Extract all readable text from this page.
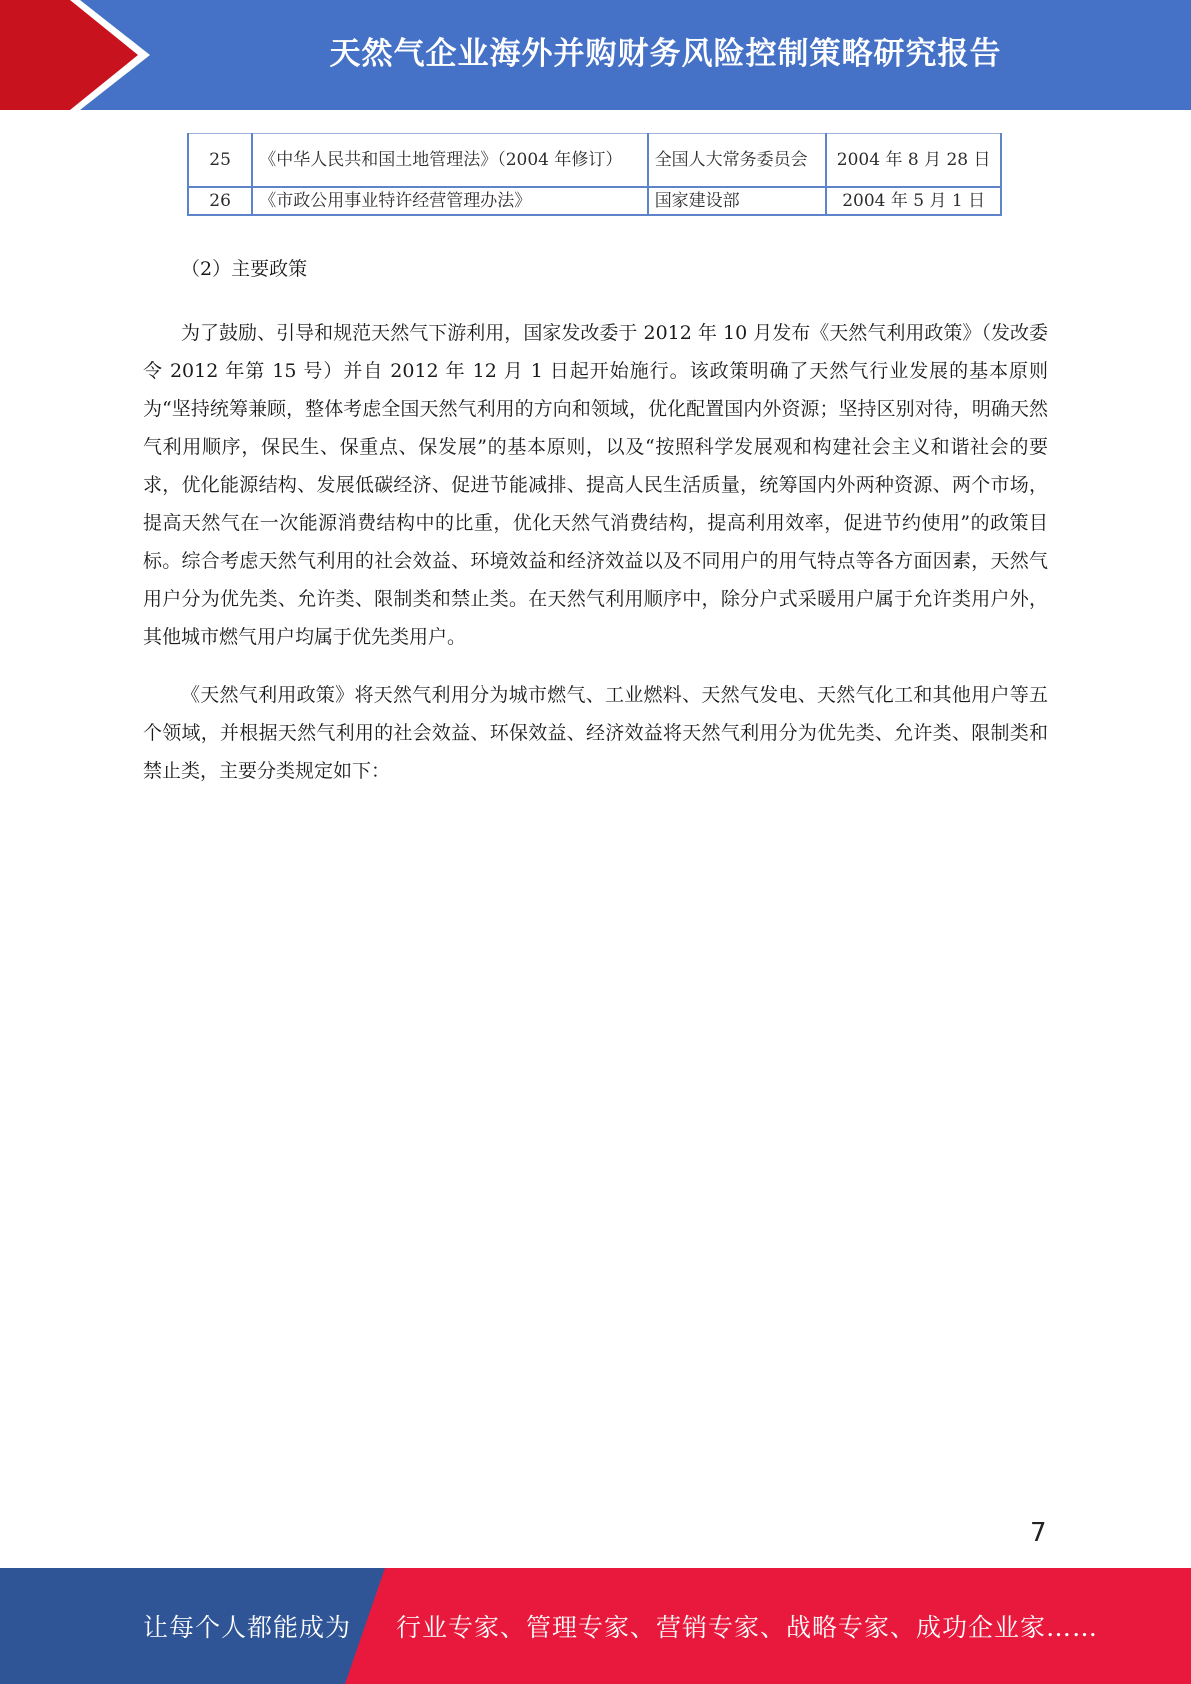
天然气企业海外并购财务风险控制策略研究报告
25	《中华人民共和国土地管理法》（2004 年修订）	全国人大常务委员会	2004 年 8 月 28 日
26	《市政公用事业特许经营管理办法》	国家建设部	2004 年 5 月 1 日

（2）主要政策

为了鼓励、引导和规范天然气下游利用，国家发改委于 2012 年 10 月发布《天然气利用政策》（发改委令 2012 年第 15 号）并自 2012 年 12 月 1 日起开始施行。该政策明确了天然气行业发展的基本原则为“坚持统筹兼顾，整体考虑全国天然气利用的方向和领域，优化配置国内外资源；坚持区别对待，明确天然气利用顺序，保民生、保重点、保发展”的基本原则，以及“按照科学发展观和构建社会主义和谐社会的要求，优化能源结构、发展低碳经济、促进节能减排、提高人民生活质量，统筹国内外两种资源、两个市场，提高天然气在一次能源消费结构中的比重，优化天然气消费结构，提高利用效率，促进节约使用”的政策目标。综合考虑天然气利用的社会效益、环境效益和经济效益以及不同用户的用气特点等各方面因素，天然气用户分为优先类、允许类、限制类和禁止类。在天然气利用顺序中，除分户式采暖用户属于允许类用户外，其他城市燃气用户均属于优先类用户。

《天然气利用政策》将天然气利用分为城市燃气、工业燃料、天然气发电、天然气化工和其他用户等五个领域，并根据天然气利用的社会效益、环保效益、经济效益将天然气利用分为优先类、允许类、限制类和禁止类，主要分类规定如下：

7
让每个人都能成为 行业专家、管理专家、营销专家、战略专家、成功企业家……
